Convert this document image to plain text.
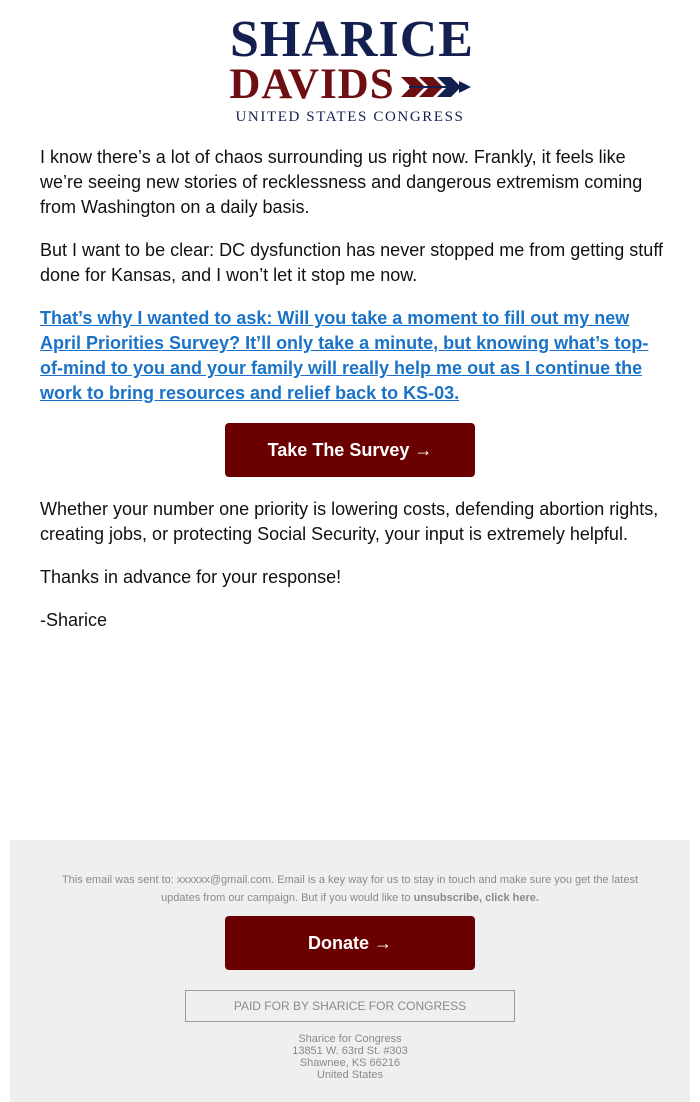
SHARICE
DAVIDS
UNITED STATES CONGRESS

I know there’s a lot of chaos surrounding us right now. Frankly, it feels like we’re seeing new stories of recklessness and dangerous extremism coming from Washington on a daily basis.

But I want to be clear: DC dysfunction has never stopped me from getting stuff done for Kansas, and I won’t let it stop me now.

That’s why I wanted to ask: Will you take a moment to fill out my new April Priorities Survey? It’ll only take a minute, but knowing what’s top-of-mind to you and your family will really help me out as I continue the work to bring resources and relief back to KS-03.
Take The Survey →

Whether your number one priority is lowering costs, defending abortion rights, creating jobs, or protecting Social Security, your input is extremely helpful.

Thanks in advance for your response!

-Sharice

This email was sent to: xxxxxx@gmail.com. Email is a key way for us to stay in touch and make sure you get the latest updates from our campaign. But if you would like to unsubscribe, click here.
Donate →
PAID FOR BY SHARICE FOR CONGRESS
Sharice for Congress
13851 W. 63rd St. #303
Shawnee, KS 66216
United States
